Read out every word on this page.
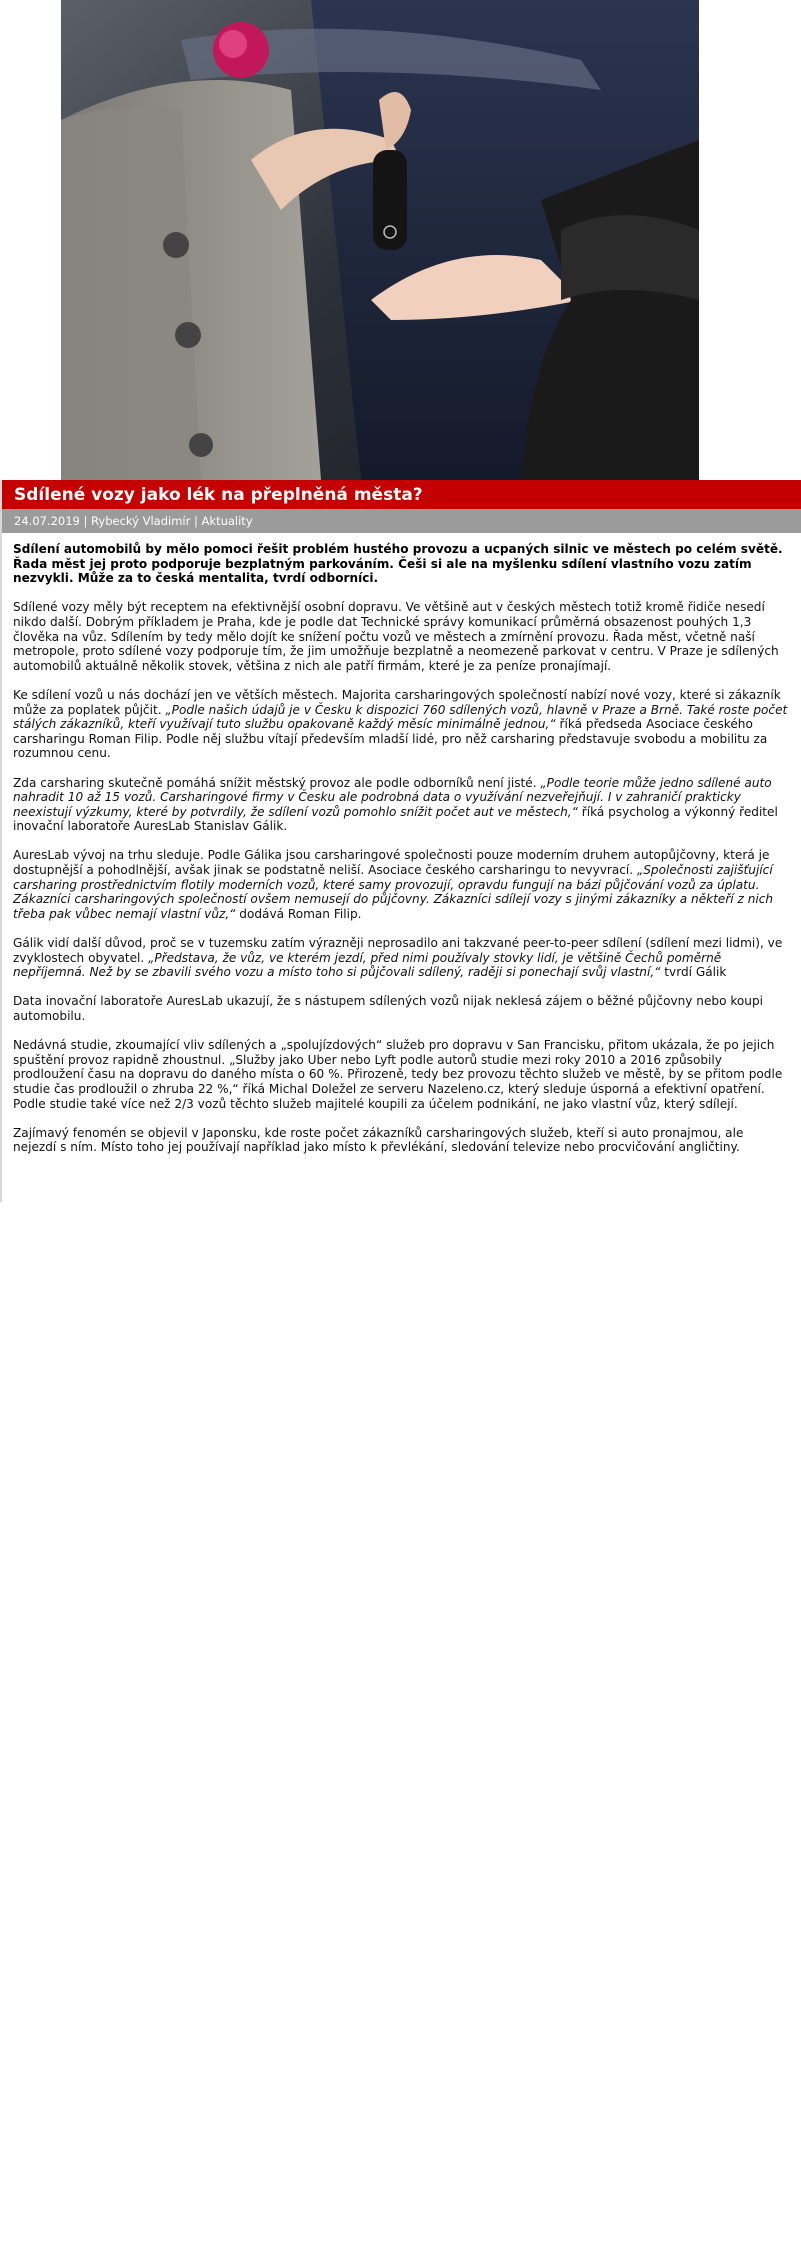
Sdílené vozy jako lék na přeplněná města?
24.07.2019 | Rybecký Vladimír | Aktuality

Sdílení automobilů by mělo pomoci řešit problém hustého provozu a ucpaných silnic ve městech po celém světě. Řada měst jej proto podporuje bezplatným parkováním. Češi si ale na myšlenku sdílení vlastního vozu zatím nezvykli. Může za to česká mentalita, tvrdí odborníci.

Sdílené vozy měly být receptem na efektivnější osobní dopravu. Ve většině aut v českých městech totiž kromě řidiče nesedí nikdo další. Dobrým příkladem je Praha, kde je podle dat Technické správy komunikací průměrná obsazenost pouhých 1,3 člověka na vůz. Sdílením by tedy mělo dojít ke snížení počtu vozů ve městech a zmírnění provozu. Řada měst, včetně naší metropole, proto sdílené vozy podporuje tím, že jim umožňuje bezplatně a neomezeně parkovat v centru. V Praze je sdílených automobilů aktuálně několik stovek, většina z nich ale patří firmám, které je za peníze pronajímají.

Ke sdílení vozů u nás dochází jen ve větších městech. Majorita carsharingových společností nabízí nové vozy, které si zákazník může za poplatek půjčit. „Podle našich údajů je v Česku k dispozici 760 sdílených vozů, hlavně v Praze a Brně. Také roste počet stálých zákazníků, kteří využívají tuto službu opakovaně každý měsíc minimálně jednou,“ říká předseda Asociace českého carsharingu Roman Filip. Podle něj službu vítají především mladší lidé, pro něž carsharing představuje svobodu a mobilitu za rozumnou cenu.

Zda carsharing skutečně pomáhá snížit městský provoz ale podle odborníků není jisté. „Podle teorie může jedno sdílené auto nahradit 10 až 15 vozů. Carsharingové firmy v Česku ale podrobná data o využívání nezveřejňují. I v zahraničí prakticky neexistují výzkumy, které by potvrdily, že sdílení vozů pomohlo snížit počet aut ve městech,“ říká psycholog a výkonný ředitel inovační laboratoře AuresLab Stanislav Gálik.

AuresLab vývoj na trhu sleduje. Podle Gálika jsou carsharingové společnosti pouze moderním druhem autopůjčovny, která je dostupnější a pohodlnější, avšak jinak se podstatně neliší. Asociace českého carsharingu to nevyvrací. „Společnosti zajišťující carsharing prostřednictvím flotily moderních vozů, které samy provozují, opravdu fungují na bázi půjčování vozů za úplatu. Zákazníci carsharingových společností ovšem nemusejí do půjčovny. Zákazníci sdílejí vozy s jinými zákazníky a někteří z nich třeba pak vůbec nemají vlastní vůz,“ dodává Roman Filip.

Gálik vidí další důvod, proč se v tuzemsku zatím výrazněji neprosadilo ani takzvané peer-to-peer sdílení (sdílení mezi lidmi), ve zvyklostech obyvatel. „Představa, že vůz, ve kterém jezdí, před nimi používaly stovky lidí, je většině Čechů poměrně nepříjemná. Než by se zbavili svého vozu a místo toho si půjčovali sdílený, raději si ponechají svůj vlastní,“ tvrdí Gálik

Data inovační laboratoře AuresLab ukazují, že s nástupem sdílených vozů nijak neklesá zájem o běžné půjčovny nebo koupi automobilu.

Nedávná studie, zkoumající vliv sdílených a „spolujízdových“ služeb pro dopravu v San Francisku, přitom ukázala, že po jejich spuštění provoz rapidně zhoustnul. „Služby jako Uber nebo Lyft podle autorů studie mezi roky 2010 a 2016 způsobily prodloužení času na dopravu do daného místa o 60 %. Přirozeně, tedy bez provozu těchto služeb ve městě, by se přitom podle studie čas prodloužil o zhruba 22 %,“ říká Michal Doležel ze serveru Nazeleno.cz, který sleduje úsporná a efektivní opatření. Podle studie také více než 2/3 vozů těchto služeb majitelé koupili za účelem podnikání, ne jako vlastní vůz, který sdílejí.

Zajímavý fenomén se objevil v Japonsku, kde roste počet zákazníků carsharingových služeb, kteří si auto pronajmou, ale nejezdí s ním. Místo toho jej používají například jako místo k převlékání, sledování televize nebo procvičování angličtiny.
